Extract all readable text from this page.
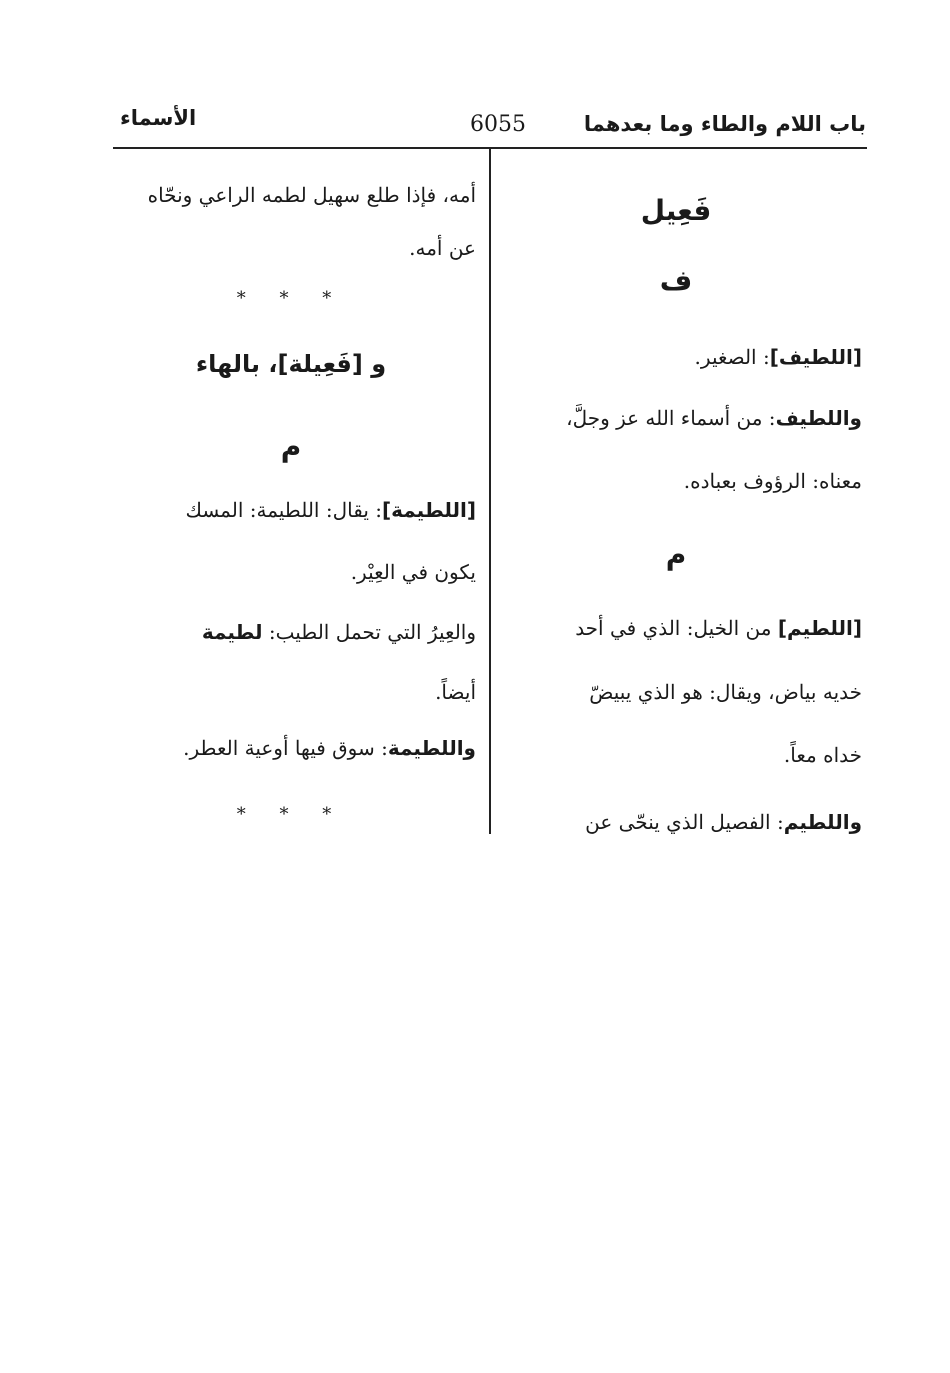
باب اللام والطاء وما بعدهما
6055
الأسماء
فَعِيل
ف
[اللطيف]: الصغير.
واللطيف: من أسماء الله عز وجلَّ،
معناه: الرؤوف بعباده.
م
[اللطيم] من الخيل: الذي في أحد
خديه بياض، ويقال: هو الذي يبيضّ
خداه معاً.
واللطيم: الفصيل الذي ينحّى عن
أمه، فإذا طلع سهيل لطمه الراعي ونحّاه
عن أمه.
* * *
و [فَعِيلة]، بالهاء
م
[اللطيمة]: يقال: اللطيمة: المسك
يكون في العِيْر.
والعِيرُ التي تحمل الطيب: لطيمة
أيضاً.
واللطيمة: سوق فيها أوعية العطر.
* * *
